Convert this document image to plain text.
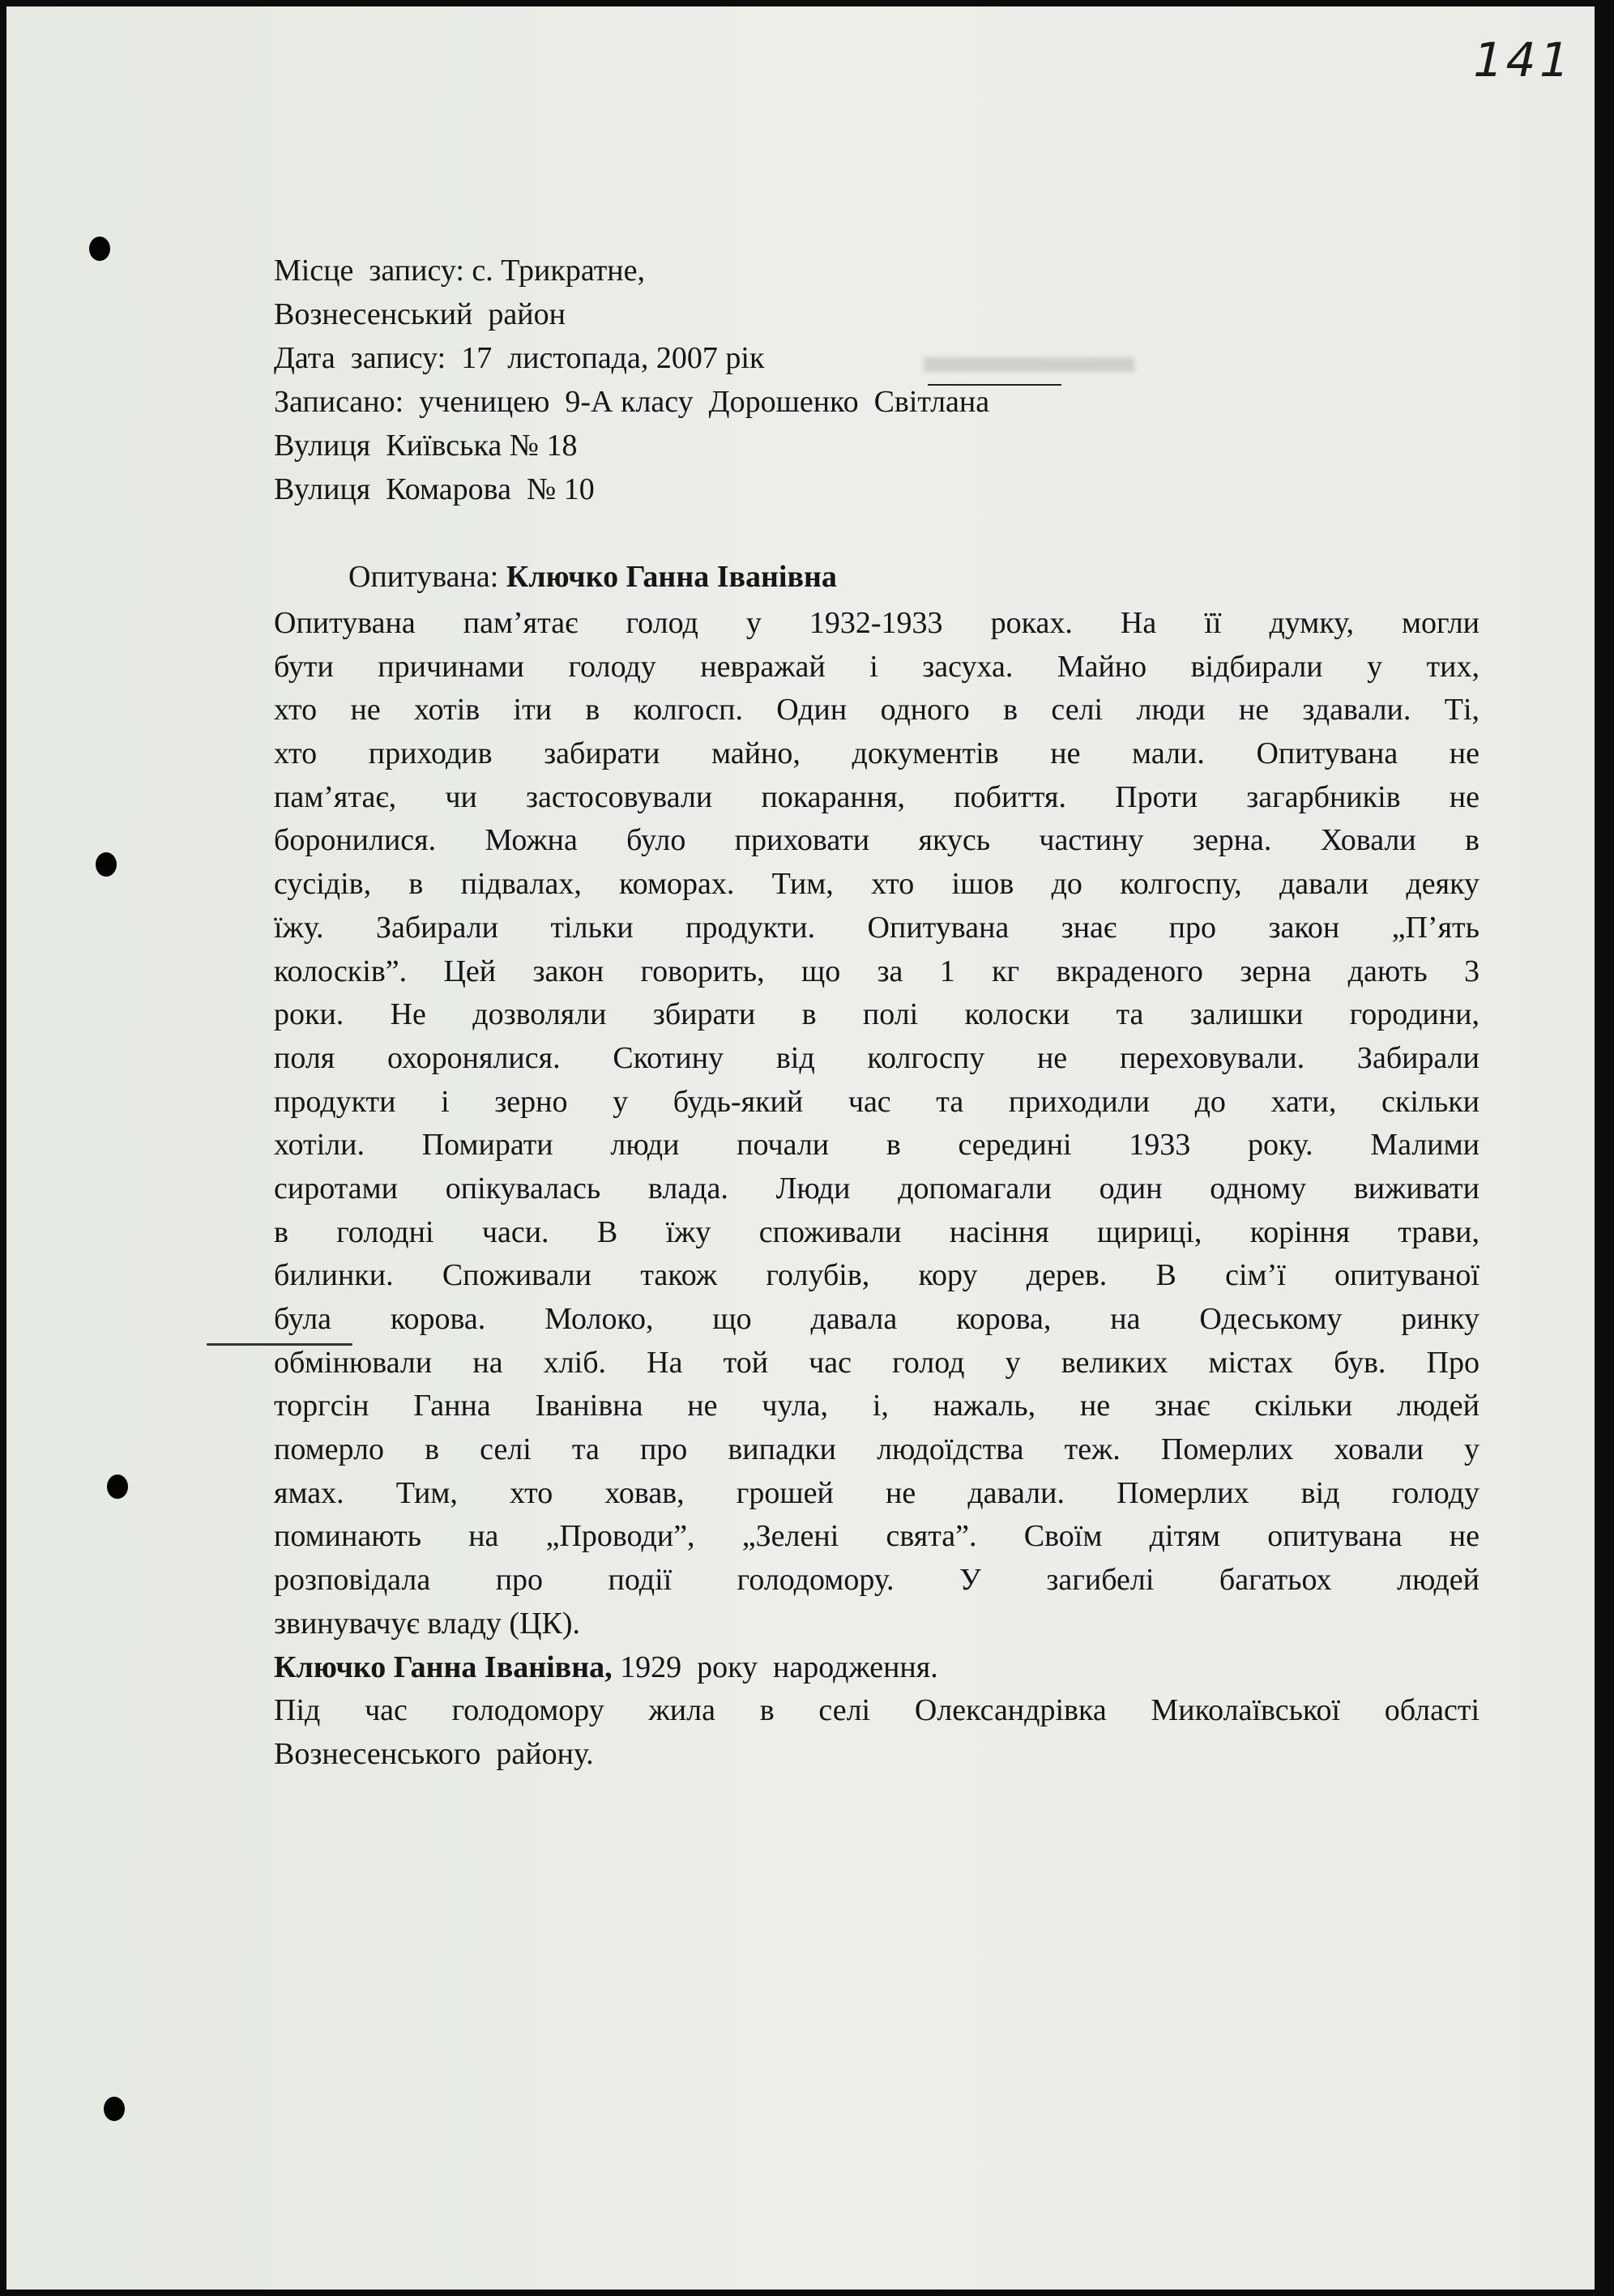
141
Місце  запису: с. Трикратне,
Вознесенський  район
Дата  запису:  17  листопада, 2007 рік
Записано:  ученицею  9-А класу  Дорошенко  Світлана
Вулиця  Київська № 18
Вулиця  Комарова  № 10
Опитувана: Ключко Ганна Іванівна
Опитувана пам’ятає голод у 1932-1933 роках. На її думку, могли
бути причинами голоду невражай і засуха. Майно відбирали у тих,
хто не хотів іти в колгосп. Один одного в селі люди не здавали. Ті,
хто приходив забирати майно, документів не мали. Опитувана не
пам’ятає, чи застосовували покарання, побиття. Проти загарбників не
боронилися. Можна було приховати якусь частину зерна. Ховали в
сусідів, в підвалах, коморах. Тим, хто ішов до колгоспу, давали деяку
їжу. Забирали тільки продукти. Опитувана знає про закон „П’ять
колосків”. Цей закон говорить, що за 1 кг вкраденого зерна дають 3
роки. Не дозволяли збирати в полі колоски та залишки городини,
поля охоронялися. Скотину від колгоспу не переховували. Забирали
продукти і зерно у будь-який час та приходили до хати, скільки
хотіли. Помирати люди почали в середині 1933 року. Малими
сиротами опікувалась влада. Люди допомагали один одному виживати
в голодні часи. В їжу споживали насіння щириці, коріння трави,
билинки. Споживали також голубів, кору дерев. В сім’ї опитуваної
була корова. Молоко, що давала корова, на Одеському ринку
обмінювали на хліб. На той час голод у великих містах був. Про
торгсін Ганна Іванівна не чула, і, нажаль, не знає скільки людей
померло в селі та про випадки людоїдства теж. Померлих ховали у
ямах. Тим, хто ховав, грошей не давали. Померлих від голоду
поминають на „Проводи”, „Зелені свята”. Своїм дітям опитувана не
розповідала про події голодомору. У загибелі багатьох людей
звинувачує владу (ЦК).
Ключко Ганна Іванівна, 1929  року  народження.
Під час голодомору жила в селі Олександрівка Миколаївської області
Вознесенського  району.
